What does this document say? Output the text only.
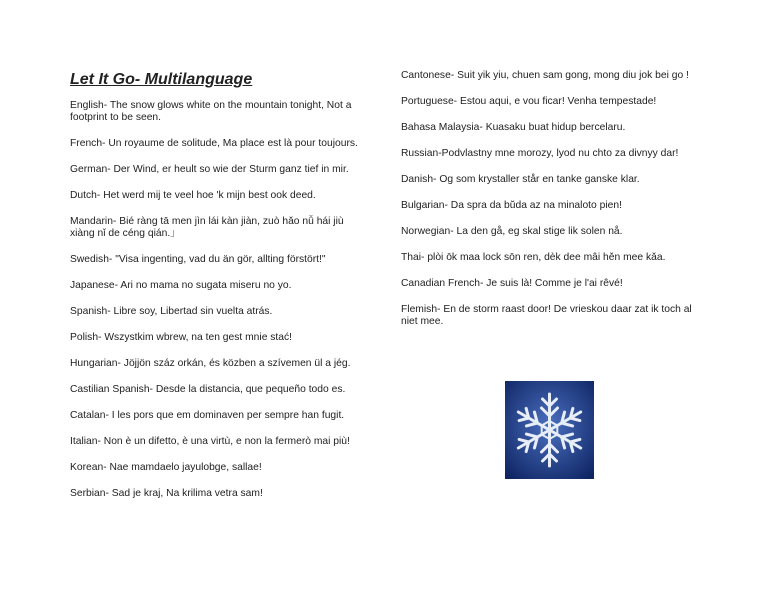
Let It Go- Multilanguage

English- The snow glows white on the mountain tonight, Not a footprint to be seen.

French- Un royaume de solitude, Ma place est là pour toujours.

German- Der Wind, er heult so wie der Sturm ganz tief in mir.

Dutch- Het werd mij te veel hoe 'k mijn best ook deed.

Mandarin- Bié ràng tā men jìn lái kàn jiàn, zuò hǎo nǚ hái jiù xiàng nǐ de céng qián.」

Swedish- "Visa ingenting, vad du än gör, allting förstört!"

Japanese- Ari no mama no sugata miseru no yo.

Spanish- Libre soy, Libertad sin vuelta atrás.

Polish- Wszystkim wbrew, na ten gest mnie stać!

Hungarian- Jöjjön száz orkán, és közben a szívemen ül a jég.

Castilian Spanish- Desde la distancia, que pequeño todo es.

Catalan- I les pors que em dominaven per sempre han fugit.

Italian- Non è un difetto, è una virtù, e non la fermerò mai più!

Korean- Nae mamdaelo jayulobge, sallae!

Serbian- Sad je kraj, Na krilima vetra sam!

Cantonese- Suit yik yiu, chuen sam gong, mong diu jok bei go !

Portuguese- Estou aqui, e vou ficar! Venha tempestade!

Bahasa Malaysia- Kuasaku buat hidup bercelaru.

Russian-Podvlastny mne morozy, lyod nu chto za divnyy dar!

Danish- Og som krystaller står en tanke ganske klar.

Bulgarian- Da spra da bŭda az na minaloto pien!

Norwegian- La den gå, eg skal stige lik solen nå.

Thai- plòi ōk maa lock sōn ren, dèk dee mâi hěn mee kǎa.

Canadian French- Je suis là! Comme je l'ai rêvé!

Flemish- En de storm raast door! De vrieskou daar zat ik toch al niet mee.
